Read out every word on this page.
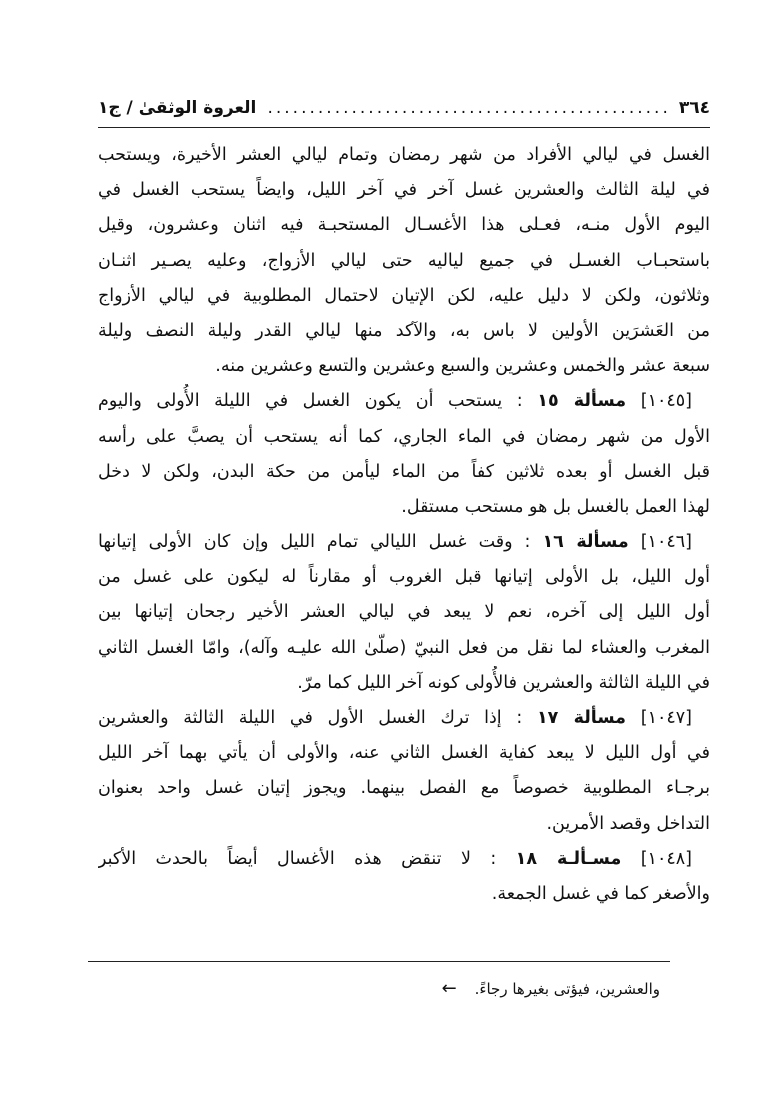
٣٦٤
.....
العروة الوثقىٰ / ج١
الغسل في ليالي الأفراد من شهر رمضان وتمام ليالي العشر الأخيرة، ويستحب
في ليلة الثالث والعشرين غسل آخر في آخر الليل، وايضاً يستحب الغسل في
اليوم الأول منـه، فعـلى هذا الأغسـال المستحبـة فيه اثنان وعشرون، وقيل
باستحبـاب الغسـل في جميع لياليه حتى ليالي الأزواج، وعليه يصـير اثنـان
وثلاثون، ولكن لا دليل عليه، لكن الإتيان لاحتمال المطلوبية في ليالي الأزواج
من العَشرَين الأولين لا باس به، والآكد منها ليالي القدر وليلة النصف وليلة
سبعة عشر والخمس وعشرين والسبع وعشرين والتسع وعشرين منه.
[١٠٤٥] مسألة ١٥ : يستحب أن يكون الغسل في الليلة الأُولى واليوم
الأول من شهر رمضان في الماء الجاري، كما أنه يستحب أن يصبَّ على رأسه
قبل الغسل أو بعده ثلاثين كفاً من الماء ليأمن من حكة البدن، ولكن لا دخل
لهذا العمل بالغسل بل هو مستحب مستقل.
[١٠٤٦] مسألة ١٦ : وقت غسل الليالي تمام الليل وإن كان الأولى إتيانها
أول الليل، بل الأولى إتيانها قبل الغروب أو مقارناً له ليكون على غسل من
أول الليل إلى آخره، نعم لا يبعد في ليالي العشر الأخير رجحان إتيانها بين
المغرب والعشاء لما نقل من فعل النبيّ (صلّىٰ الله عليـه وآله)، وامّا الغسل الثاني
في الليلة الثالثة والعشرين فالأُولى كونه آخر الليل كما مرّ.
[١٠٤٧] مسألة ١٧ : إذا ترك الغسل الأول في الليلة الثالثة والعشرين
في أول الليل لا يبعد كفاية الغسل الثاني عنه، والأولى أن يأتي بهما آخر الليل
برجـاء المطلوبية خصوصاً مع الفصل بينهما. ويجوز إتيان غسل واحد بعنوان
التداخل وقصد الأمرين.
[١٠٤٨] مسـألـة ١٨ : لا تنقض هذه الأغسال أيضاً بالحدث الأكبر
والأصغر كما في غسل الجمعة.
والعشرين، فيؤتى بغيرها رجاءً.
←
